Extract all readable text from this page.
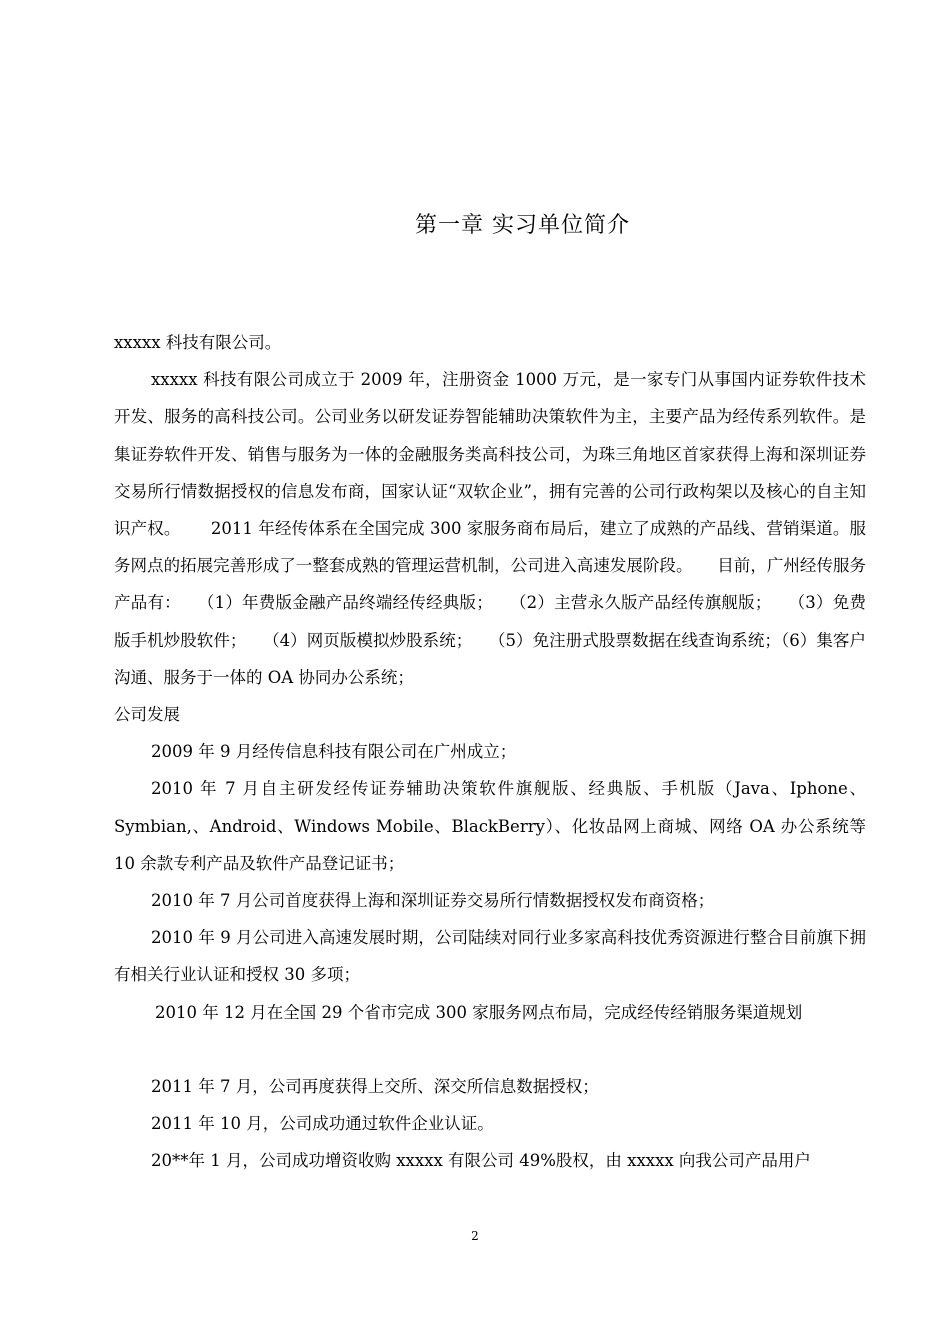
第一章 实习单位简介

xxxxx 科技有限公司。

xxxxx 科技有限公司成立于 2009 年，注册资金 1000 万元，是一家专门从事国内证券软件技术开发、服务的高科技公司。公司业务以研发证券智能辅助决策软件为主，主要产品为经传系列软件。是集证券软件开发、销售与服务为一体的金融服务类高科技公司，为珠三角地区首家获得上海和深圳证券交易所行情数据授权的信息发布商，国家认证“双软企业”，拥有完善的公司行政构架以及核心的自主知识产权。　　 2011 年经传体系在全国完成 300 家服务商布局后，建立了成熟的产品线、营销渠道。服务网点的拓展完善形成了一整套成熟的管理运营机制，公司进入高速发展阶段。　　目前，广州经传服务产品有：　　（1）年费版金融产品终端经传经典版；　　（2）主营永久版产品经传旗舰版；　　（3）免费版手机炒股软件；　　（4）网页版模拟炒股系统；　　（5）免注册式股票数据在线查询系统；（6）集客户沟通、服务于一体的 OA 协同办公系统；

公司发展

2009 年 9 月经传信息科技有限公司在广州成立；

2010 年 7 月自主研发经传证券辅助决策软件旗舰版、经典版、手机版（Java、Iphone、Symbian,、Android、Windows Mobile、BlackBerry）、化妆品网上商城、网络 OA 办公系统等 10 余款专利产品及软件产品登记证书；

2010 年 7 月公司首度获得上海和深圳证券交易所行情数据授权发布商资格；

2010 年 9 月公司进入高速发展时期，公司陆续对同行业多家高科技优秀资源进行整合目前旗下拥有相关行业认证和授权 30 多项；

2010 年 12 月在全国 29 个省市完成 300 家服务网点布局，完成经传经销服务渠道规划

2011 年 7 月，公司再度获得上交所、深交所信息数据授权；

2011 年 10 月，公司成功通过软件企业认证。

20**年 1 月，公司成功增资收购 xxxxx 有限公司 49%股权，由 xxxxx 向我公司产品用户

2
